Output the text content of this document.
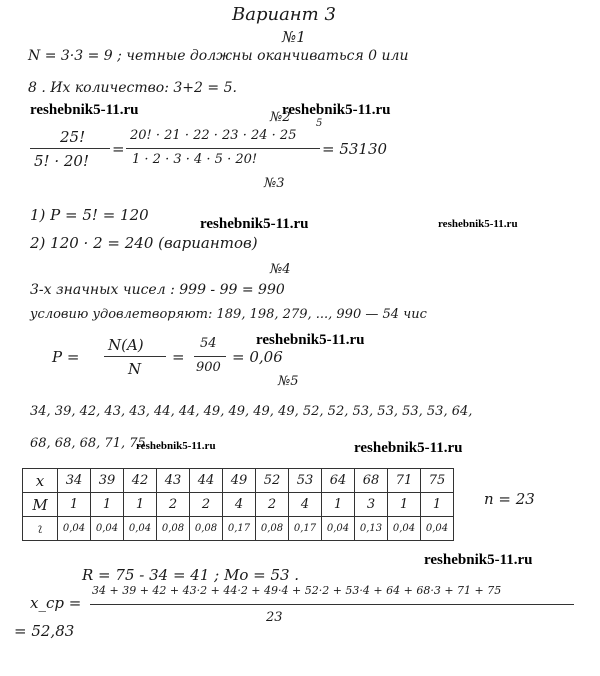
Вариант 3
№1
N = 3·3 = 9 ; четные должны оканчиваться 0 или
8 . Их количество: 3+2 = 5.
№2
25!
5! · 20!
=
20! · 21 · 22 · 23 · 24 · 25
1 · 2 · 3 · 4 · 5 · 20!
5
= 53130
№3
1) P = 5! = 120
2) 120 · 2 = 240 (вариантов)
№4
3-х значных чисел : 999 - 99 = 990
условию удовлетворяют: 189, 198, 279, ..., 990 — 54 чис
P =
N(A)
N
=
54
900
= 0,06
№5
34, 39, 42, 43, 43, 44, 44, 49, 49, 49, 49, 52, 52, 53, 53, 53, 53, 64,
68, 68, 68, 71, 75
x	34	39	42	43	44	49	52	53	64	68	71	75
M	1	1	1	2	2	4	2	4	1	3	1	1
ʅ	0,04	0,04	0,04	0,08	0,08	0,17	0,08	0,17	0,04	0,13	0,04	0,04
n = 23
R = 75 - 34 = 41 ; Mo = 53 .
x_ср =
34 + 39 + 42 + 43·2 + 44·2 + 49·4 + 52·2 + 53·4 + 64 + 68·3 + 71 + 75
23
= 52,83
reshebnik5-11.ru	reshebnik5-11.ru
reshebnik5-11.ru	reshebnik5-11.ru
reshebnik5-11.ru
reshebnik5-11.ru	reshebnik5-11.ru
reshebnik5-11.ru
